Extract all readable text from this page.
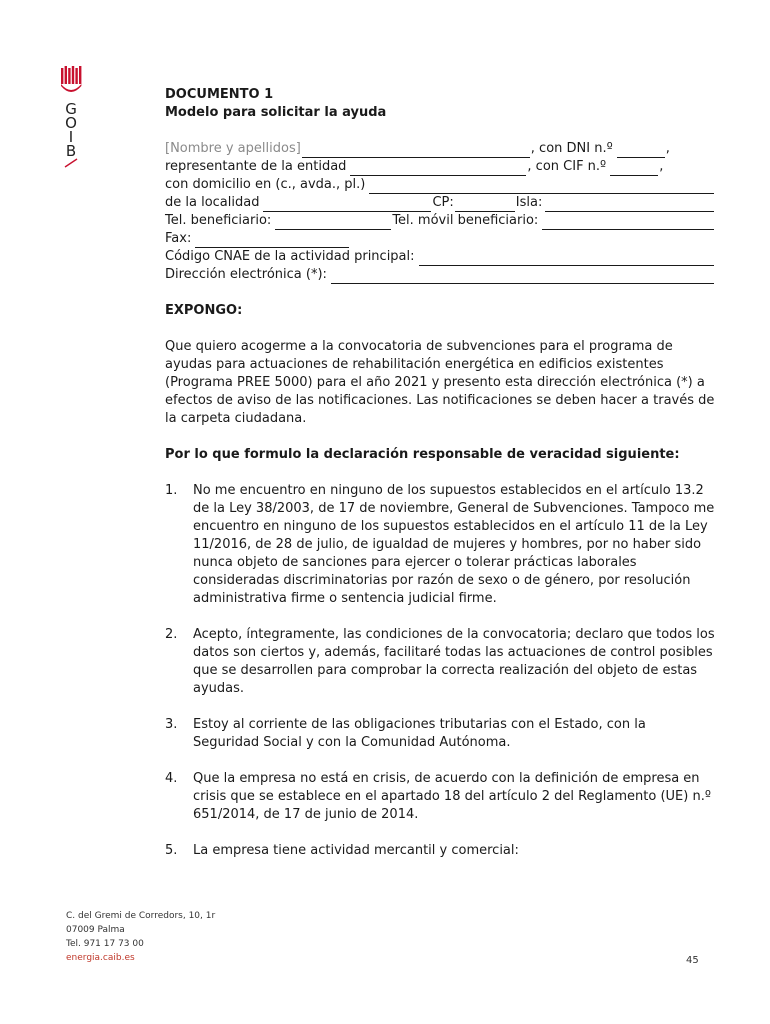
G
O
I
B
DOCUMENTO 1
Modelo para solicitar la ayuda
[Nombre y apellidos]	, con DNI n.º	,
representante de la entidad	, con CIF n.º	,
con domicilio en (c., avda., pl.)
de la localidad	CP:	Isla:
Tel. beneficiario:	Tel. móvil beneficiario:
Fax:
Código CNAE de la actividad principal:
Dirección electrónica (*):
EXPONGO:
Que quiero acogerme a la convocatoria de subvenciones para el programa de ayudas para actuaciones de rehabilitación energética en edificios existentes (Programa PREE 5000) para el año 2021 y presento esta dirección electrónica (*) a efectos de aviso de las notificaciones. Las notificaciones se deben hacer a través de la carpeta ciudadana.
Por lo que formulo la declaración responsable de veracidad siguiente:
1.	No me encuentro en ninguno de los supuestos establecidos en el artículo 13.2 de la Ley 38/2003, de 17 de noviembre, General de Subvenciones. Tampoco me encuentro en ninguno de los supuestos establecidos en el artículo 11 de la Ley 11/2016, de 28 de julio, de igualdad de mujeres y hombres, por no haber sido nunca objeto de sanciones para ejercer o tolerar prácticas laborales consideradas discriminatorias por razón de sexo o de género, por resolución administrativa firme o sentencia judicial firme.
2.	Acepto, íntegramente, las condiciones de la convocatoria; declaro que todos los datos son ciertos y, además, facilitaré todas las actuaciones de control posibles que se desarrollen para comprobar la correcta realización del objeto de estas ayudas.
3.	Estoy al corriente de las obligaciones tributarias con el Estado, con la Seguridad Social y con la Comunidad Autónoma.
4.	Que la empresa no está en crisis, de acuerdo con la definición de empresa en crisis que se establece en el apartado 18 del artículo 2 del Reglamento (UE) n.º 651/2014, de 17 de junio de 2014.
5.	La empresa tiene actividad mercantil y comercial:
C. del Gremi de Corredors, 10, 1r
07009 Palma
Tel. 971 17 73 00
energia.caib.es	45
